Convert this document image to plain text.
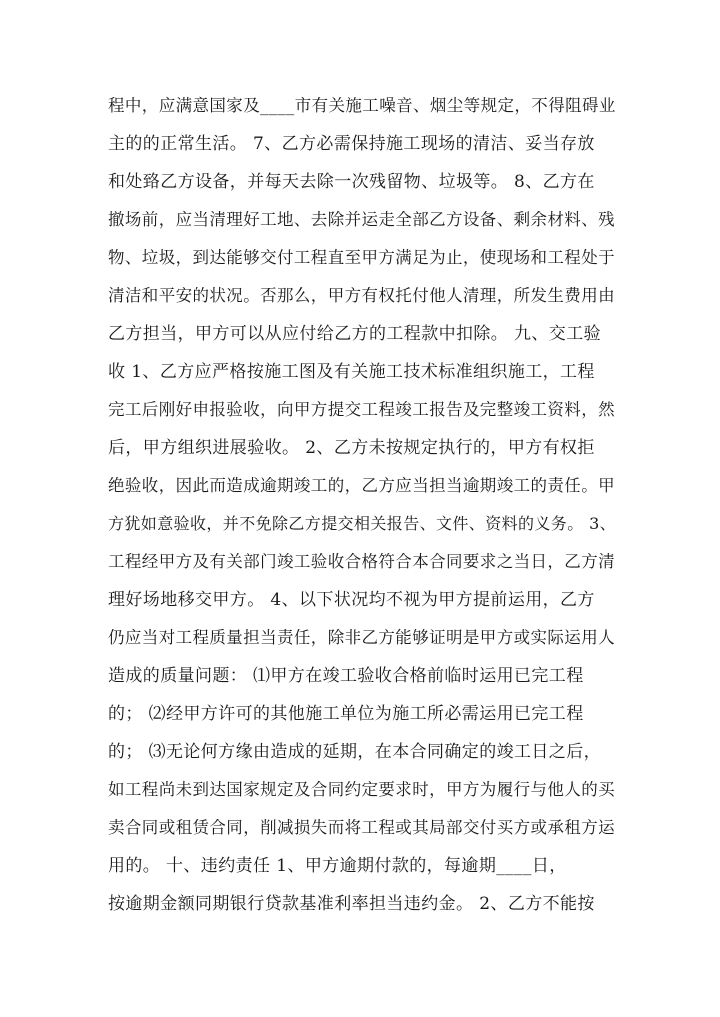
程中，应满意国家及____市有关施工噪音、烟尘等规定，不得阻碍业
主的的正常生活。 7、乙方必需保持施工现场的清洁、妥当存放
和处臵乙方设备，并每天去除一次残留物、垃圾等。 8、乙方在
撤场前，应当清理好工地、去除并运走全部乙方设备、剩余材料、残
物、垃圾，到达能够交付工程直至甲方满足为止，使现场和工程处于
清洁和平安的状况。否那么，甲方有权托付他人清理，所发生费用由
乙方担当，甲方可以从应付给乙方的工程款中扣除。 九、交工验
收 1、乙方应严格按施工图及有关施工技术标准组织施工，工程
完工后刚好申报验收，向甲方提交工程竣工报告及完整竣工资料，然
后，甲方组织进展验收。 2、乙方未按规定执行的，甲方有权拒
绝验收，因此而造成逾期竣工的，乙方应当担当逾期竣工的责任。甲
方犹如意验收，并不免除乙方提交相关报告、文件、资料的义务。 3、
工程经甲方及有关部门竣工验收合格符合本合同要求之当日，乙方清
理好场地移交甲方。 4、以下状况均不视为甲方提前运用，乙方
仍应当对工程质量担当责任，除非乙方能够证明是甲方或实际运用人
造成的质量问题： ⑴甲方在竣工验收合格前临时运用已完工程
的； ⑵经甲方许可的其他施工单位为施工所必需运用已完工程
的； ⑶无论何方缘由造成的延期，在本合同确定的竣工日之后，
如工程尚未到达国家规定及合同约定要求时，甲方为履行与他人的买
卖合同或租赁合同，削减损失而将工程或其局部交付买方或承租方运
用的。 十、违约责任 1、甲方逾期付款的，每逾期____日，
按逾期金额同期银行贷款基准利率担当违约金。 2、乙方不能按
